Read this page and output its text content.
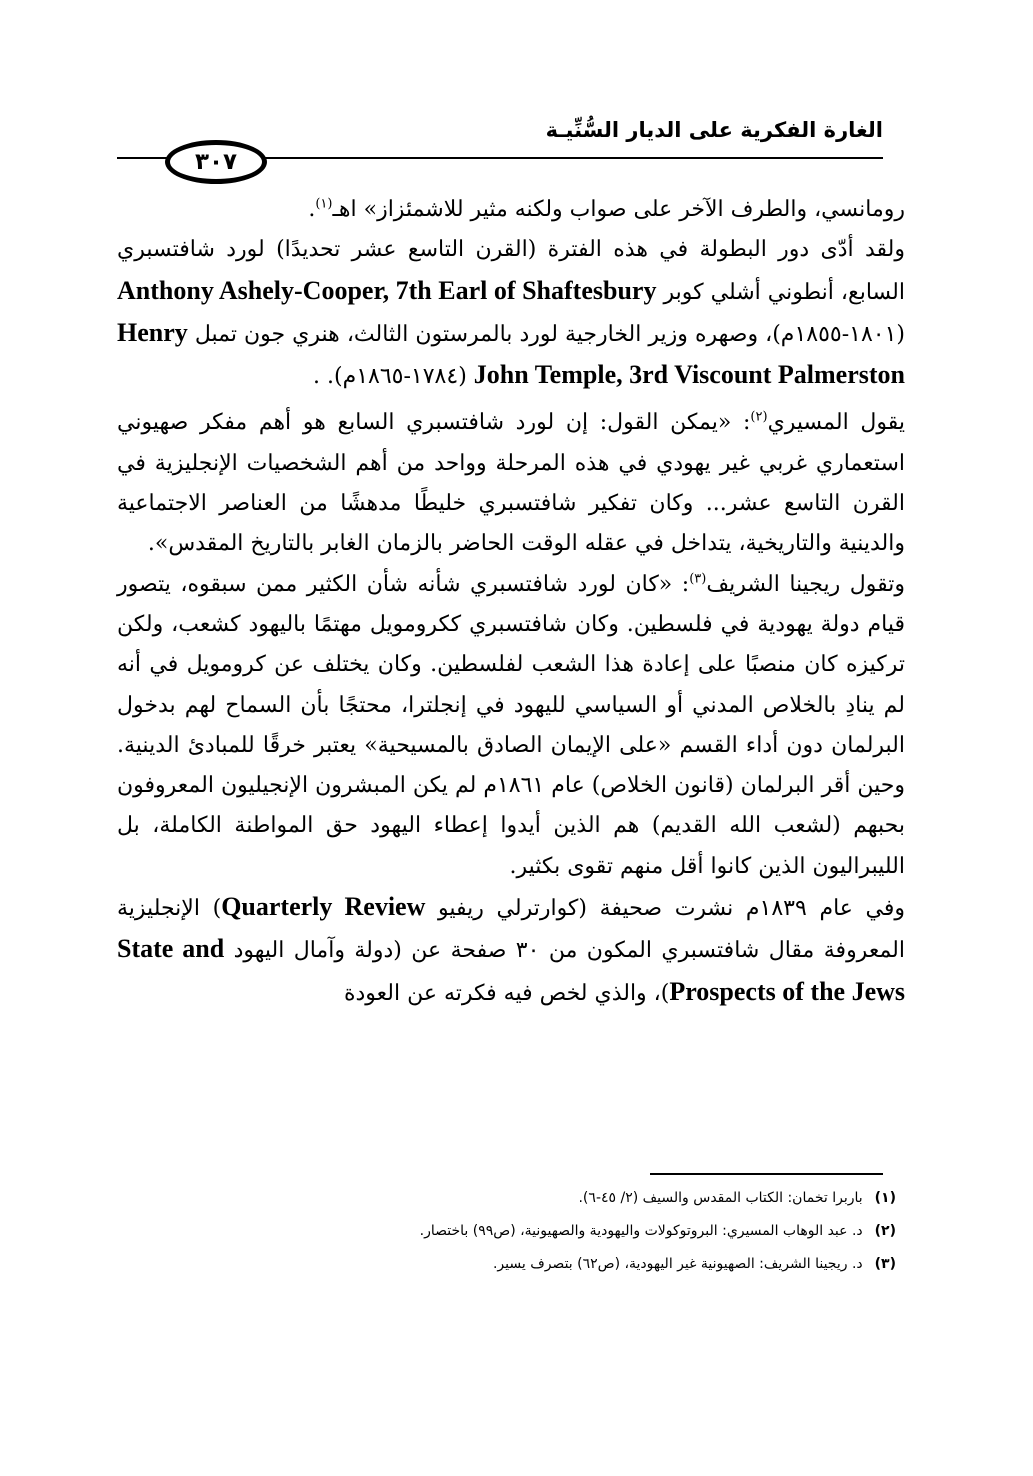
الغارة الفكرية على الديار السُّنِّيـة
٣٠٧

رومانسي، والطرف الآخر على صواب ولكنه مثير للاشمئزاز» اهـ$^{(١)}$.

ولقد أدّى دور البطولة في هذه الفترة (القرن التاسع عشر تحديدًا) لورد شافتسبري السابع، أنطوني أشلي كوبر Anthony Ashely-Cooper, 7th Earl of Shaftesbury (١٨٠١-١٨٥٥م)، وصهره وزير الخارجية لورد بالمرستون الثالث، هنري جون تمبل Henry John Temple, 3rd Viscount Palmerston (١٧٨٤-١٨٦٥م). .

يقول المسيري$^{(٢)}$: «يمكن القول: إن لورد شافتسبري السابع هو أهم مفكر صهيوني استعماري غربي غير يهودي في هذه المرحلة وواحد من أهم الشخصيات الإنجليزية في القرن التاسع عشر... وكان تفكير شافتسبري خليطًا مدهشًا من العناصر الاجتماعية والدينية والتاريخية، يتداخل في عقله الوقت الحاضر بالزمان الغابر بالتاريخ المقدس».

وتقول ريجينا الشريف$^{(٣)}$: «كان لورد شافتسبري شأنه شأن الكثير ممن سبقوه، يتصور قيام دولة يهودية في فلسطين. وكان شافتسبري ككرومويل مهتمًا باليهود كشعب، ولكن تركيزه كان منصبًا على إعادة هذا الشعب لفلسطين. وكان يختلف عن كرومويل في أنه لم ينادِ بالخلاص المدني أو السياسي لليهود في إنجلترا، محتجًا بأن السماح لهم بدخول البرلمان دون أداء القسم «على الإيمان الصادق بالمسيحية» يعتبر خرقًا للمبادئ الدينية. وحين أقر البرلمان (قانون الخلاص) عام ١٨٦١م لم يكن المبشرون الإنجيليون المعروفون بحبهم (لشعب الله القديم) هم الذين أيدوا إعطاء اليهود حق المواطنة الكاملة، بل الليبراليون الذين كانوا أقل منهم تقوى بكثير.

وفي عام ١٨٣٩م نشرت صحيفة (كوارترلي ريفيو Quarterly Review) الإنجليزية المعروفة مقال شافتسبري المكون من ٣٠ صفحة عن (دولة وآمال اليهود State and Prospects of the Jews)، والذي لخص فيه فكرته عن العودة

(١)باربرا تخمان: الكتاب المقدس والسيف (٢/ ٤٥-٦).

(٢)د. عبد الوهاب المسيري: البروتوكولات واليهودية والصهيونية، (ص٩٩) باختصار.

(٣)د. ريجينا الشريف: الصهيونية غير اليهودية، (ص٦٢) بتصرف يسير.
